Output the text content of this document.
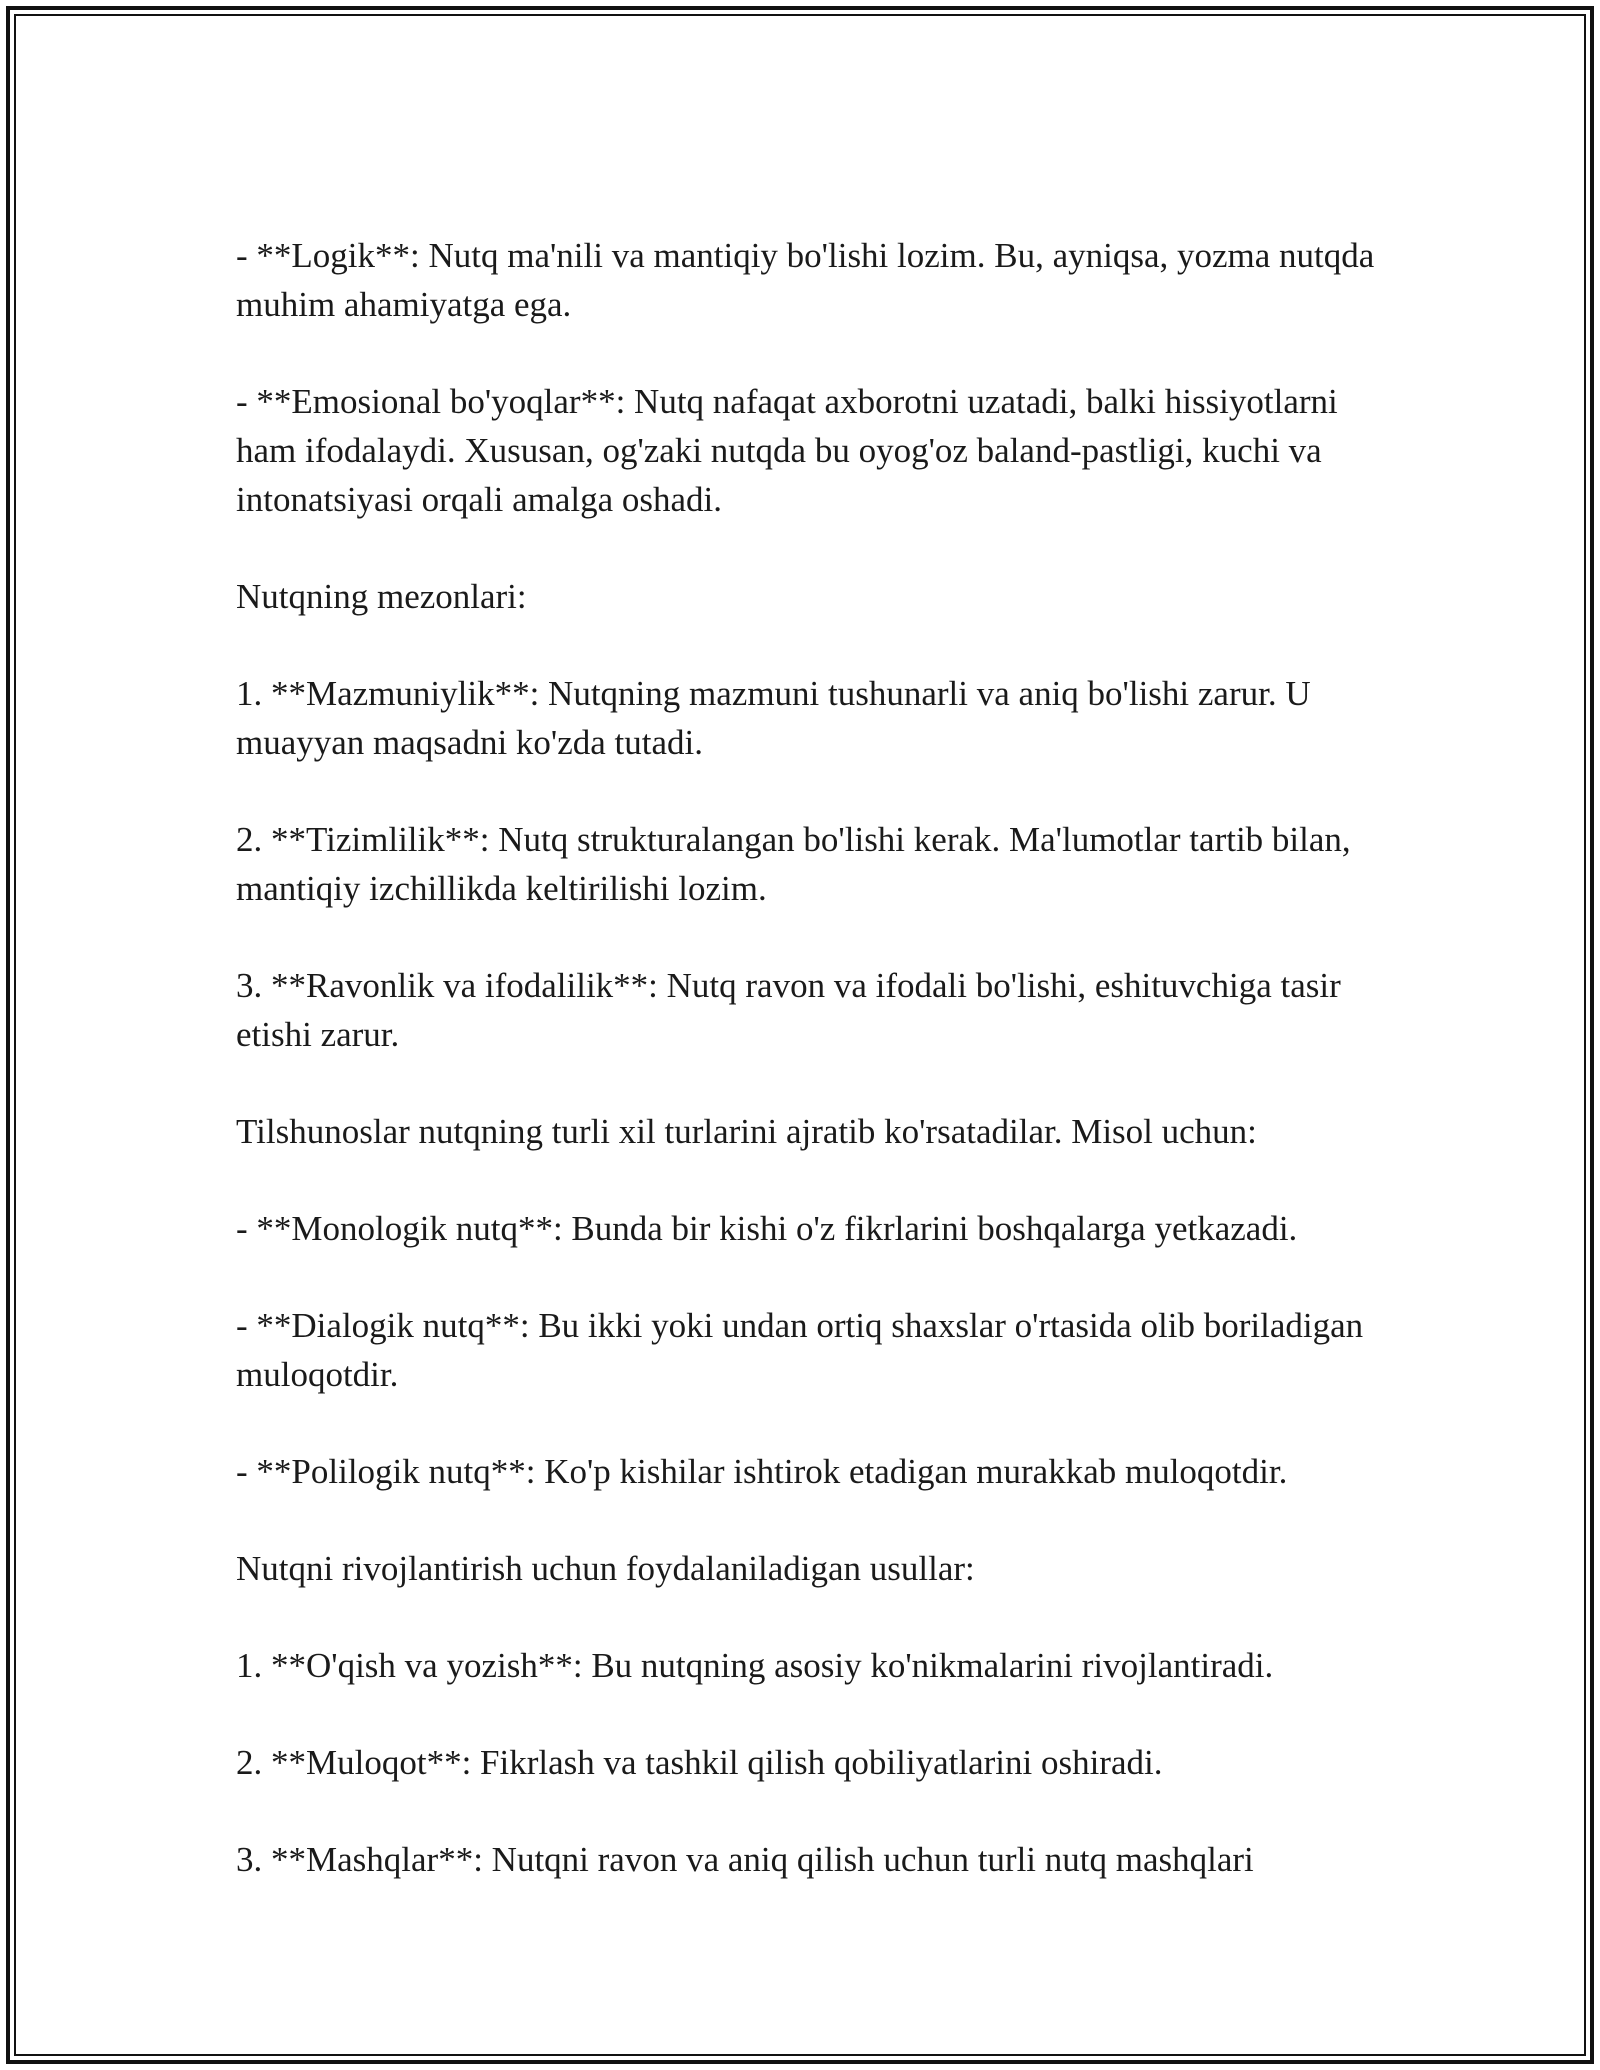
- **Logik**: Nutq ma'nili va mantiqiy bo'lishi lozim. Bu, ayniqsa, yozma nutqda muhim ahamiyatga ega.

- **Emosional bo'yoqlar**: Nutq nafaqat axborotni uzatadi, balki hissiyotlarni ham ifodalaydi. Xususan, og'zaki nutqda bu oyog'oz baland-pastligi, kuchi va intonatsiyasi orqali amalga oshadi.

Nutqning mezonlari:

1. **Mazmuniylik**: Nutqning mazmuni tushunarli va aniq bo'lishi zarur. U muayyan maqsadni ko'zda tutadi.

2. **Tizimlilik**: Nutq strukturalangan bo'lishi kerak. Ma'lumotlar tartib bilan, mantiqiy izchillikda keltirilishi lozim.

3. **Ravonlik va ifodalilik**: Nutq ravon va ifodali bo'lishi, eshituvchiga tasir etishi zarur.

Tilshunoslar nutqning turli xil turlarini ajratib ko'rsatadilar. Misol uchun:

- **Monologik nutq**: Bunda bir kishi o'z fikrlarini boshqalarga yetkazadi.

- **Dialogik nutq**: Bu ikki yoki undan ortiq shaxslar o'rtasida olib boriladigan muloqotdir.

- **Polilogik nutq**: Ko'p kishilar ishtirok etadigan murakkab muloqotdir.

Nutqni rivojlantirish uchun foydalaniladigan usullar:

1. **O'qish va yozish**: Bu nutqning asosiy ko'nikmalarini rivojlantiradi.

2. **Muloqot**: Fikrlash va tashkil qilish qobiliyatlarini oshiradi.

3. **Mashqlar**: Nutqni ravon va aniq qilish uchun turli nutq mashqlari
